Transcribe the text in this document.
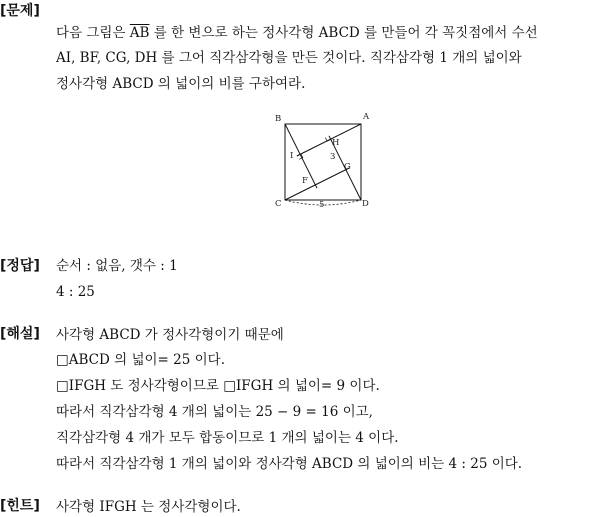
[문제]
다음 그림은 $\overline{AB}$ 를 한 변으로 하는 정사각형 ABCD 를 만들어 각 꼭짓점에서 수선
AI, BF, CG, DH 를 그어 직각삼각형을 만든 것이다. 직각삼각형 1 개의 넓이와
정사각형 ABCD 의 넓이의 비를 구하여라.
A
B
C	D
H
I
G
F
3
5
[정답] 순서 : 없음, 갯수 : 1
4 : 25
[해설] 사각형 ABCD 가 정사각형이기 때문에
□ABCD 의 넓이= 25 이다.
□IFGH 도 정사각형이므로 □IFGH 의 넓이= 9 이다.
따라서 직각삼각형 4 개의 넓이는 25 − 9 = 16 이고,
직각삼각형 4 개가 모두 합동이므로 1 개의 넓이는 4 이다.
따라서 직각삼각형 1 개의 넓이와 정사각형 ABCD 의 넓이의 비는 4 : 25 이다.
[힌트] 사각형 IFGH 는 정사각형이다.
